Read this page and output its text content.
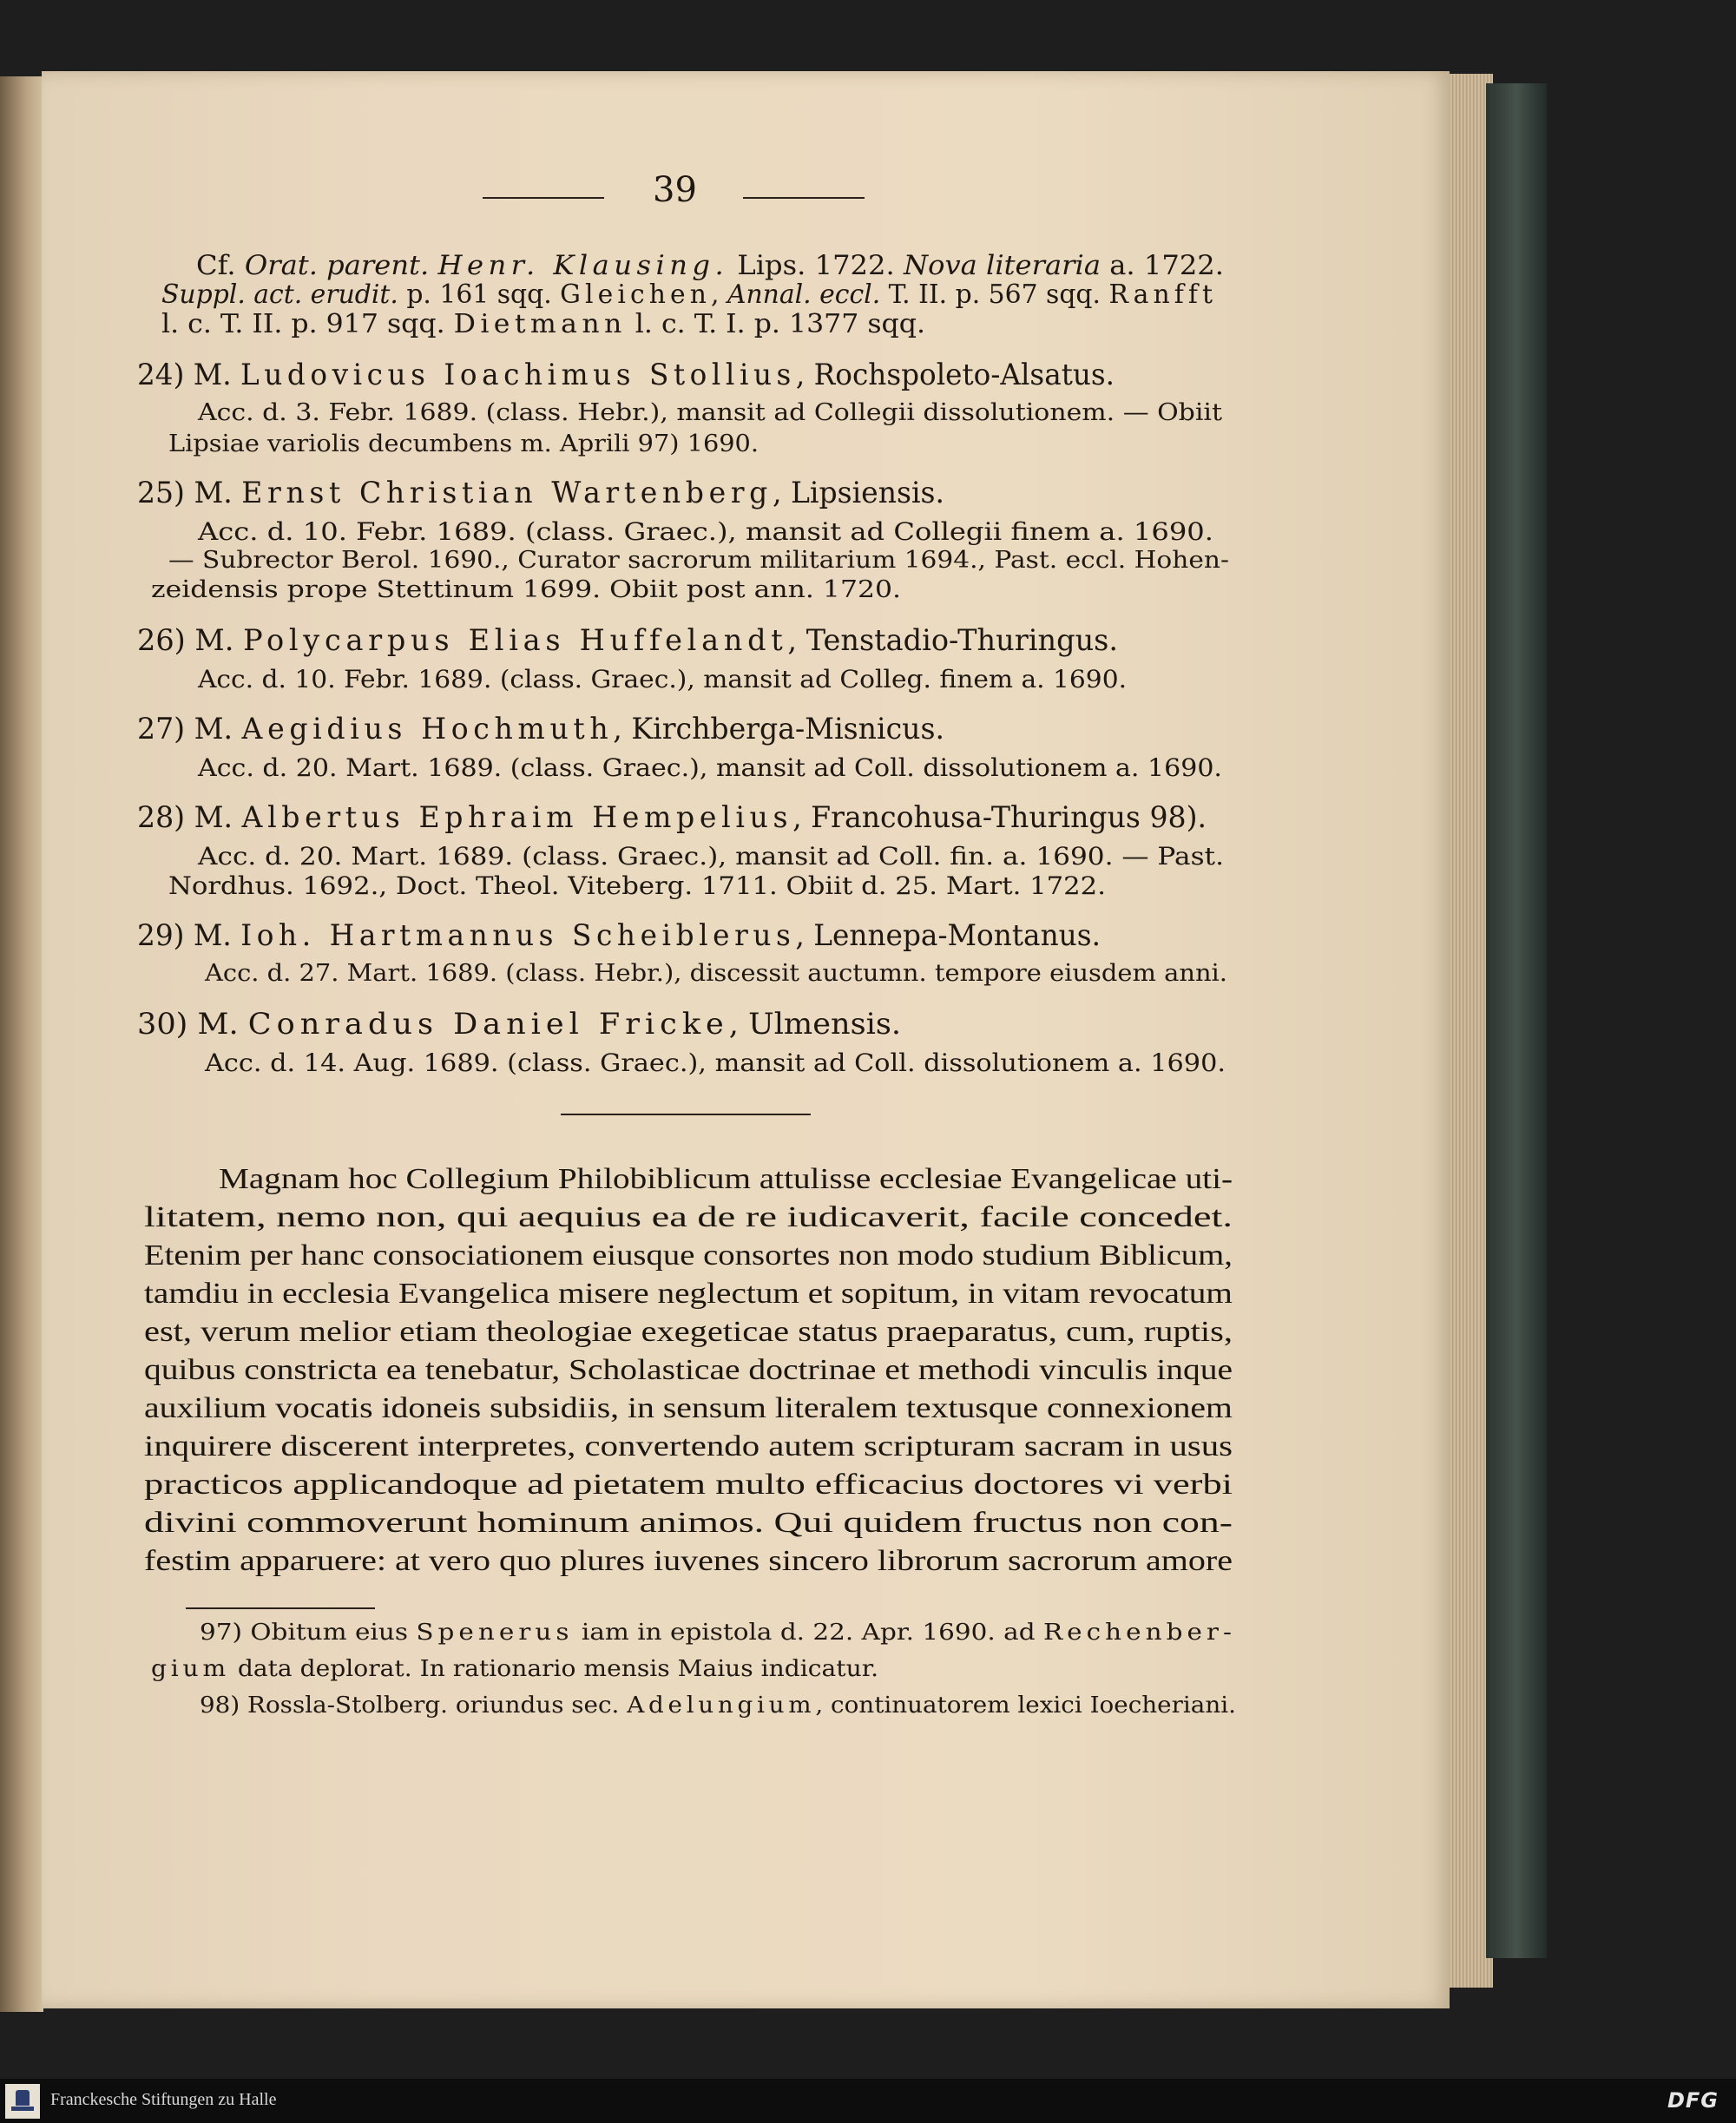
39
Cf. Orat. parent. Henr. Klausing. Lips. 1722. Nova literaria a. 1722.
Suppl. act. erudit. p. 161 sqq. Gleichen, Annal. eccl. T. II. p. 567 sqq. Ranfft
l. c. T. II. p. 917 sqq. Dietmann l. c. T. I. p. 1377 sqq.
24) M. Ludovicus Ioachimus Stollius, Rochspoleto-Alsatus.
Acc. d. 3. Febr. 1689. (class. Hebr.), mansit ad Collegii dissolutionem. — Obiit
Lipsiae variolis decumbens m. Aprili 97) 1690.
25) M. Ernst Christian Wartenberg, Lipsiensis.
Acc. d. 10. Febr. 1689. (class. Graec.), mansit ad Collegii finem a. 1690.
— Subrector Berol. 1690., Curator sacrorum militarium 1694., Past. eccl. Hohen-
zeidensis prope Stettinum 1699. Obiit post ann. 1720.
26) M. Polycarpus Elias Huffelandt, Tenstadio-Thuringus.
Acc. d. 10. Febr. 1689. (class. Graec.), mansit ad Colleg. finem a. 1690.
27) M. Aegidius Hochmuth, Kirchberga-Misnicus.
Acc. d. 20. Mart. 1689. (class. Graec.), mansit ad Coll. dissolutionem a. 1690.
28) M. Albertus Ephraim Hempelius, Francohusa-Thuringus 98).
Acc. d. 20. Mart. 1689. (class. Graec.), mansit ad Coll. fin. a. 1690. — Past.
Nordhus. 1692., Doct. Theol. Viteberg. 1711. Obiit d. 25. Mart. 1722.
29) M. Ioh. Hartmannus Scheiblerus, Lennepa-Montanus.
Acc. d. 27. Mart. 1689. (class. Hebr.), discessit auctumn. tempore eiusdem anni.
30) M. Conradus Daniel Fricke, Ulmensis.
Acc. d. 14. Aug. 1689. (class. Graec.), mansit ad Coll. dissolutionem a. 1690.
Magnam hoc Collegium Philobiblicum attulisse ecclesiae Evangelicae uti-
litatem, nemo non, qui aequius ea de re iudicaverit, facile concedet.
Etenim per hanc consociationem eiusque consortes non modo studium Biblicum,
tamdiu in ecclesia Evangelica misere neglectum et sopitum, in vitam revocatum
est, verum melior etiam theologiae exegeticae status praeparatus, cum, ruptis,
quibus constricta ea tenebatur, Scholasticae doctrinae et methodi vinculis inque
auxilium vocatis idoneis subsidiis, in sensum literalem textusque connexionem
inquirere discerent interpretes, convertendo autem scripturam sacram in usus
practicos applicandoque ad pietatem multo efficacius doctores vi verbi
divini commoverunt hominum animos. Qui quidem fructus non con-
festim apparuere: at vero quo plures iuvenes sincero librorum sacrorum amore
97) Obitum eius Spenerus iam in epistola d. 22. Apr. 1690. ad Rechenber-
gium data deplorat. In rationario mensis Maius indicatur.
98) Rossla-Stolberg. oriundus sec. Adelungium, continuatorem lexici Ioecheriani.
Franckesche Stiftungen zu Halle	DFG
